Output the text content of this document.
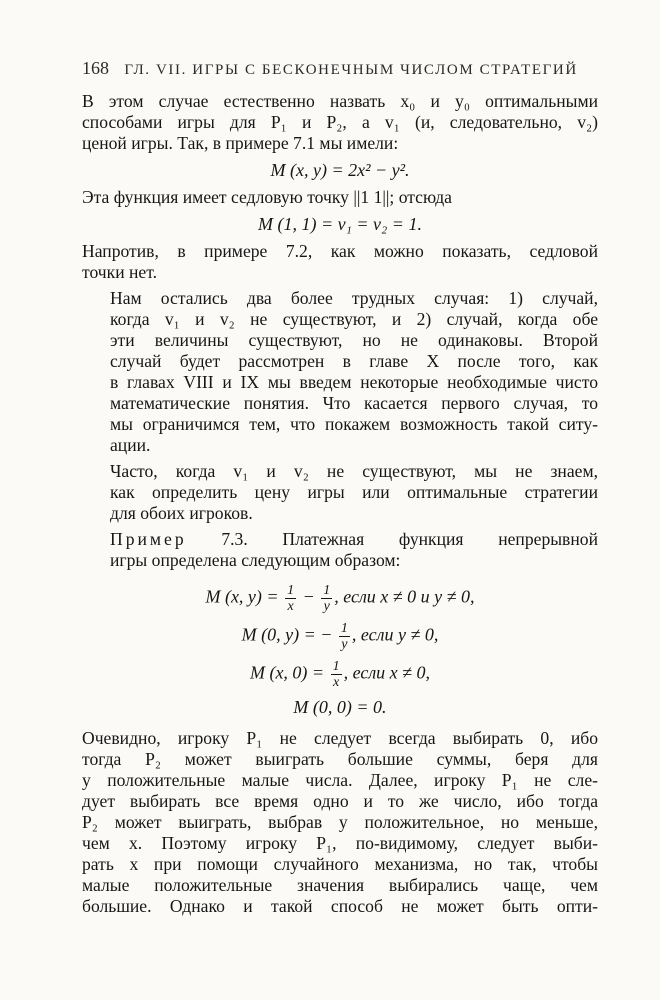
168 ГЛ. VII. ИГРЫ С БЕСКОНЕЧНЫМ ЧИСЛОМ СТРАТЕГИЙ
В этом случае естественно назвать x₀ и y₀ оптимальными
способами игры для P₁ и P₂, а v₁ (и, следовательно, v₂)
ценой игры. Так, в примере 7.1 мы имели:
M (x, y) = 2x² − y².
Эта функция имеет седловую точку ||1 1||; отсюда
M (1, 1) = v₁ = v₂ = 1.
Напротив, в примере 7.2, как можно показать, седловой
точки нет.
Нам остались два более трудных случая: 1) случай,
когда v₁ и v₂ не существуют, и 2) случай, когда обе
эти величины существуют, но не одинаковы. Второй
случай будет рассмотрен в главе X после того, как
в главах VIII и IX мы введем некоторые необходимые чисто
математические понятия. Что касается первого случая, то
мы ограничимся тем, что покажем возможность такой ситу-
ации.
Часто, когда v₁ и v₂ не существуют, мы не знаем,
как определить цену игры или оптимальные стратегии
для обоих игроков.
Пример 7.3. Платежная функция непрерывной
игры определена следующим образом:
M (x, $y) = \frac{1}{x} - \frac{1}{y}$ , если x ≠ 0 и y ≠ 0,
M (0, y) = − $\frac{1}{y}$ , если y ≠ 0,
M (x, $0) = \frac{1}{x}$ , если x ≠ 0,
M (0, 0) = 0.
Очевидно, игроку P₁ не следует всегда выбирать 0, ибо
тогда P₂ может выиграть большие суммы, беря для
y положительные малые числа. Далее, игроку P₁ не сле-
дует выбирать все время одно и то же число, ибо тогда
P₂ может выиграть, выбрав y положительное, но меньше,
чем x. Поэтому игроку P₁, по-видимому, следует выби-
рать x при помощи случайного механизма, но так, чтобы
малые положительные значения выбирались чаще, чем
большие. Однако и такой способ не может быть опти-
